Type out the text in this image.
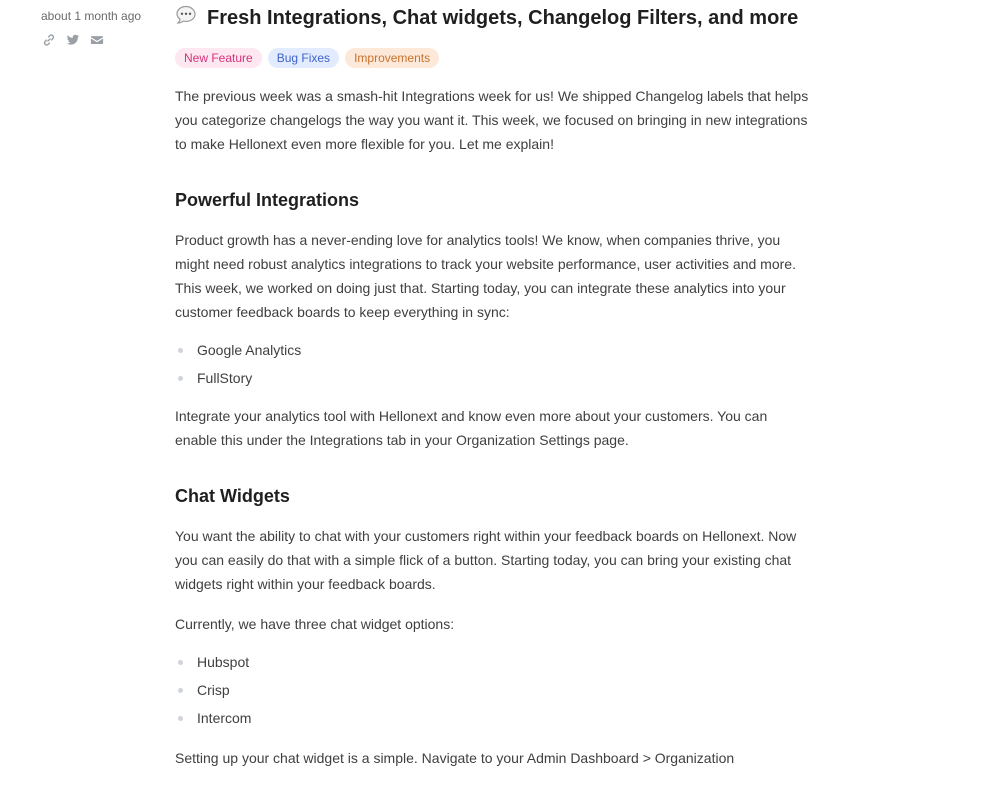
about 1 month ago	Fresh Integrations, Chat widgets, Changelog Filters, and more
New Feature	Bug Fixes	Improvements

The previous week was a smash-hit Integrations week for us! We shipped Changelog labels that helps you categorize changelogs the way you want it. This week, we focused on bringing in new integrations to make Hellonext even more flexible for you. Let me explain!

Powerful Integrations

Product growth has a never-ending love for analytics tools! We know, when companies thrive, you might need robust analytics integrations to track your website performance, user activities and more. This week, we worked on doing just that. Starting today, you can integrate these analytics into your customer feedback boards to keep everything in sync:

Google Analytics
FullStory

Integrate your analytics tool with Hellonext and know even more about your customers. You can enable this under the Integrations tab in your Organization Settings page.

Chat Widgets

You want the ability to chat with your customers right within your feedback boards on Hellonext. Now you can easily do that with a simple flick of a button. Starting today, you can bring your existing chat widgets right within your feedback boards.

Currently, we have three chat widget options:

Hubspot
Crisp
Intercom

Setting up your chat widget is a simple. Navigate to your Admin Dashboard > Organization
